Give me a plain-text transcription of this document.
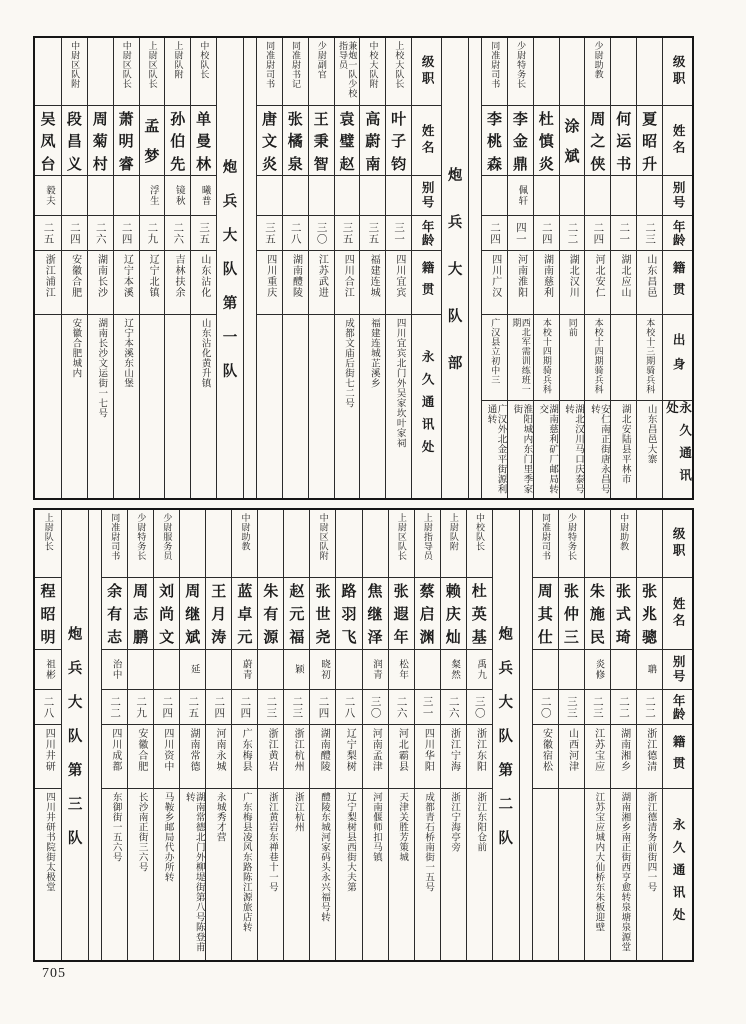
级职
姓名
别号
年龄
籍贯
出身
永久通讯处
夏
昭
升
二三
山东昌邑
本校十三期骑兵科
山东昌邑大寨
何
运
书
二一
湖北应山
湖北安陆县平林市
少尉助教
周
之
侠
二四
河北安仁
本校十四期骑兵科
安仁南正街唐永昌号转
涂
斌
二二
湖北汉川
同前
湖北汉川马口庆泰号转
杜
慎
炎
二四
湖南慈利
本校十四期骑兵科
湖南慈利矿厂邮局转交
少尉特务长
李
金
鼎
佩轩
四一
河南淮阳
西北军需训练班一期
淮阳城内东门里季家街
同准尉司书
李
桃
森
二四
四川广汉
广汉县立初中三
广汉外北金平街源利通转
炮
兵
大
队
部
级职
姓名
别号
年龄
籍贯
永久通讯处
上校大队长
叶
子
钧
三一
四川宜宾
四川宜宾北门外吴家坎叶家祠
中校大队附
高
蔚
南
三五
福建连城
福建连城芷溪乡
兼炮一队少校指导员
袁
璧
赵
三五
四川合江
成都文庙后街七二号
少尉副官
王
秉
智
三〇
江苏武进
同准尉书记
张
橘
泉
二八
湖南醴陵
同准尉司书
唐
文
炎
三五
四川重庆
炮
兵
大
队
第
一
队
中校队长
单
曼
林
曦普
三五
山东沾化
山东沾化黄升镇
上尉队附
孙
伯
先
镜秋
二六
吉林扶余
上尉区队长
孟
梦
浮生
二九
辽宁北镇
中尉区队长
萧
明
睿
二四
辽宁本溪
辽宁本溪东山堡
周
菊
村
二六
湖南长沙
湖南长沙文运街一七号
中尉区队附
段
昌
义
二四
安徽合肥
安徽合肥城内
吴
凤
台
毅夫
二五
浙江浦江
级职
姓名
别号
年龄
籍贯
永久通讯处
张
兆
骢
聃
二二
浙江德清
浙江德清务前街四一号
中尉助教
张
式
琦
二二
湖南湘乡
湖南湘乡南正街西亨愈转泉塘泉源堂
朱
施
民
炎修
二三
江苏宝应
江苏宝应城内大仙桥东朱板迎壁
少尉特务长
张
仲
三
三三
山西河津
同准尉司书
周
其
仕
二〇
安徽宿松
炮
兵
大
队
第
二
队
中校队长
杜
英
基
禹九
三〇
浙江东阳
浙江东阳仓前
上尉队附
赖
庆
灿
粲然
二六
浙江宁海
浙江宁海亭旁
上尉指导员
蔡
启
渊
三一
四川华阳
成都青石桥南街一五号
上尉区队长
张
遐
年
松年
二六
河北霸县
天津关胜芳策城
焦
继
泽
润青
三〇
河南孟津
河南偃师扣马镇
路
羽
飞
二八
辽宁梨树
辽宁梨树县西街大夫第
中尉区队附
张
世
尧
晓初
二四
湖南醴陵
醴陵东城河家码头永兴福号转
赵
元
福
颖
二三
浙江杭州
浙江杭州
朱
有
源
二三
浙江黄岩
浙江黄岩东禅巷十一号
中尉助教
蓝
卓
元
蔚青
二四
广东梅县
广东梅县凌风东路陈江源旅店转
王
月
涛
二四
河南永城
永城秀才营
周
继
斌
延
二五
湖南常德
湖南常德北门外柳堤街第八号陈登甫转
少尉服务员
刘
尚
文
二四
四川资中
马鞍乡邮局代办所转
少尉特务长
周
志
鹏
二九
安徽合肥
长沙南正街三六号
同准尉司书
余
有
志
治中
二二
四川成都
东御街一五六号
炮
兵
大
队
第
三
队
上尉队长
程
昭
明
祖彬
二八
四川井研
四川井研书院街太极堂
705
